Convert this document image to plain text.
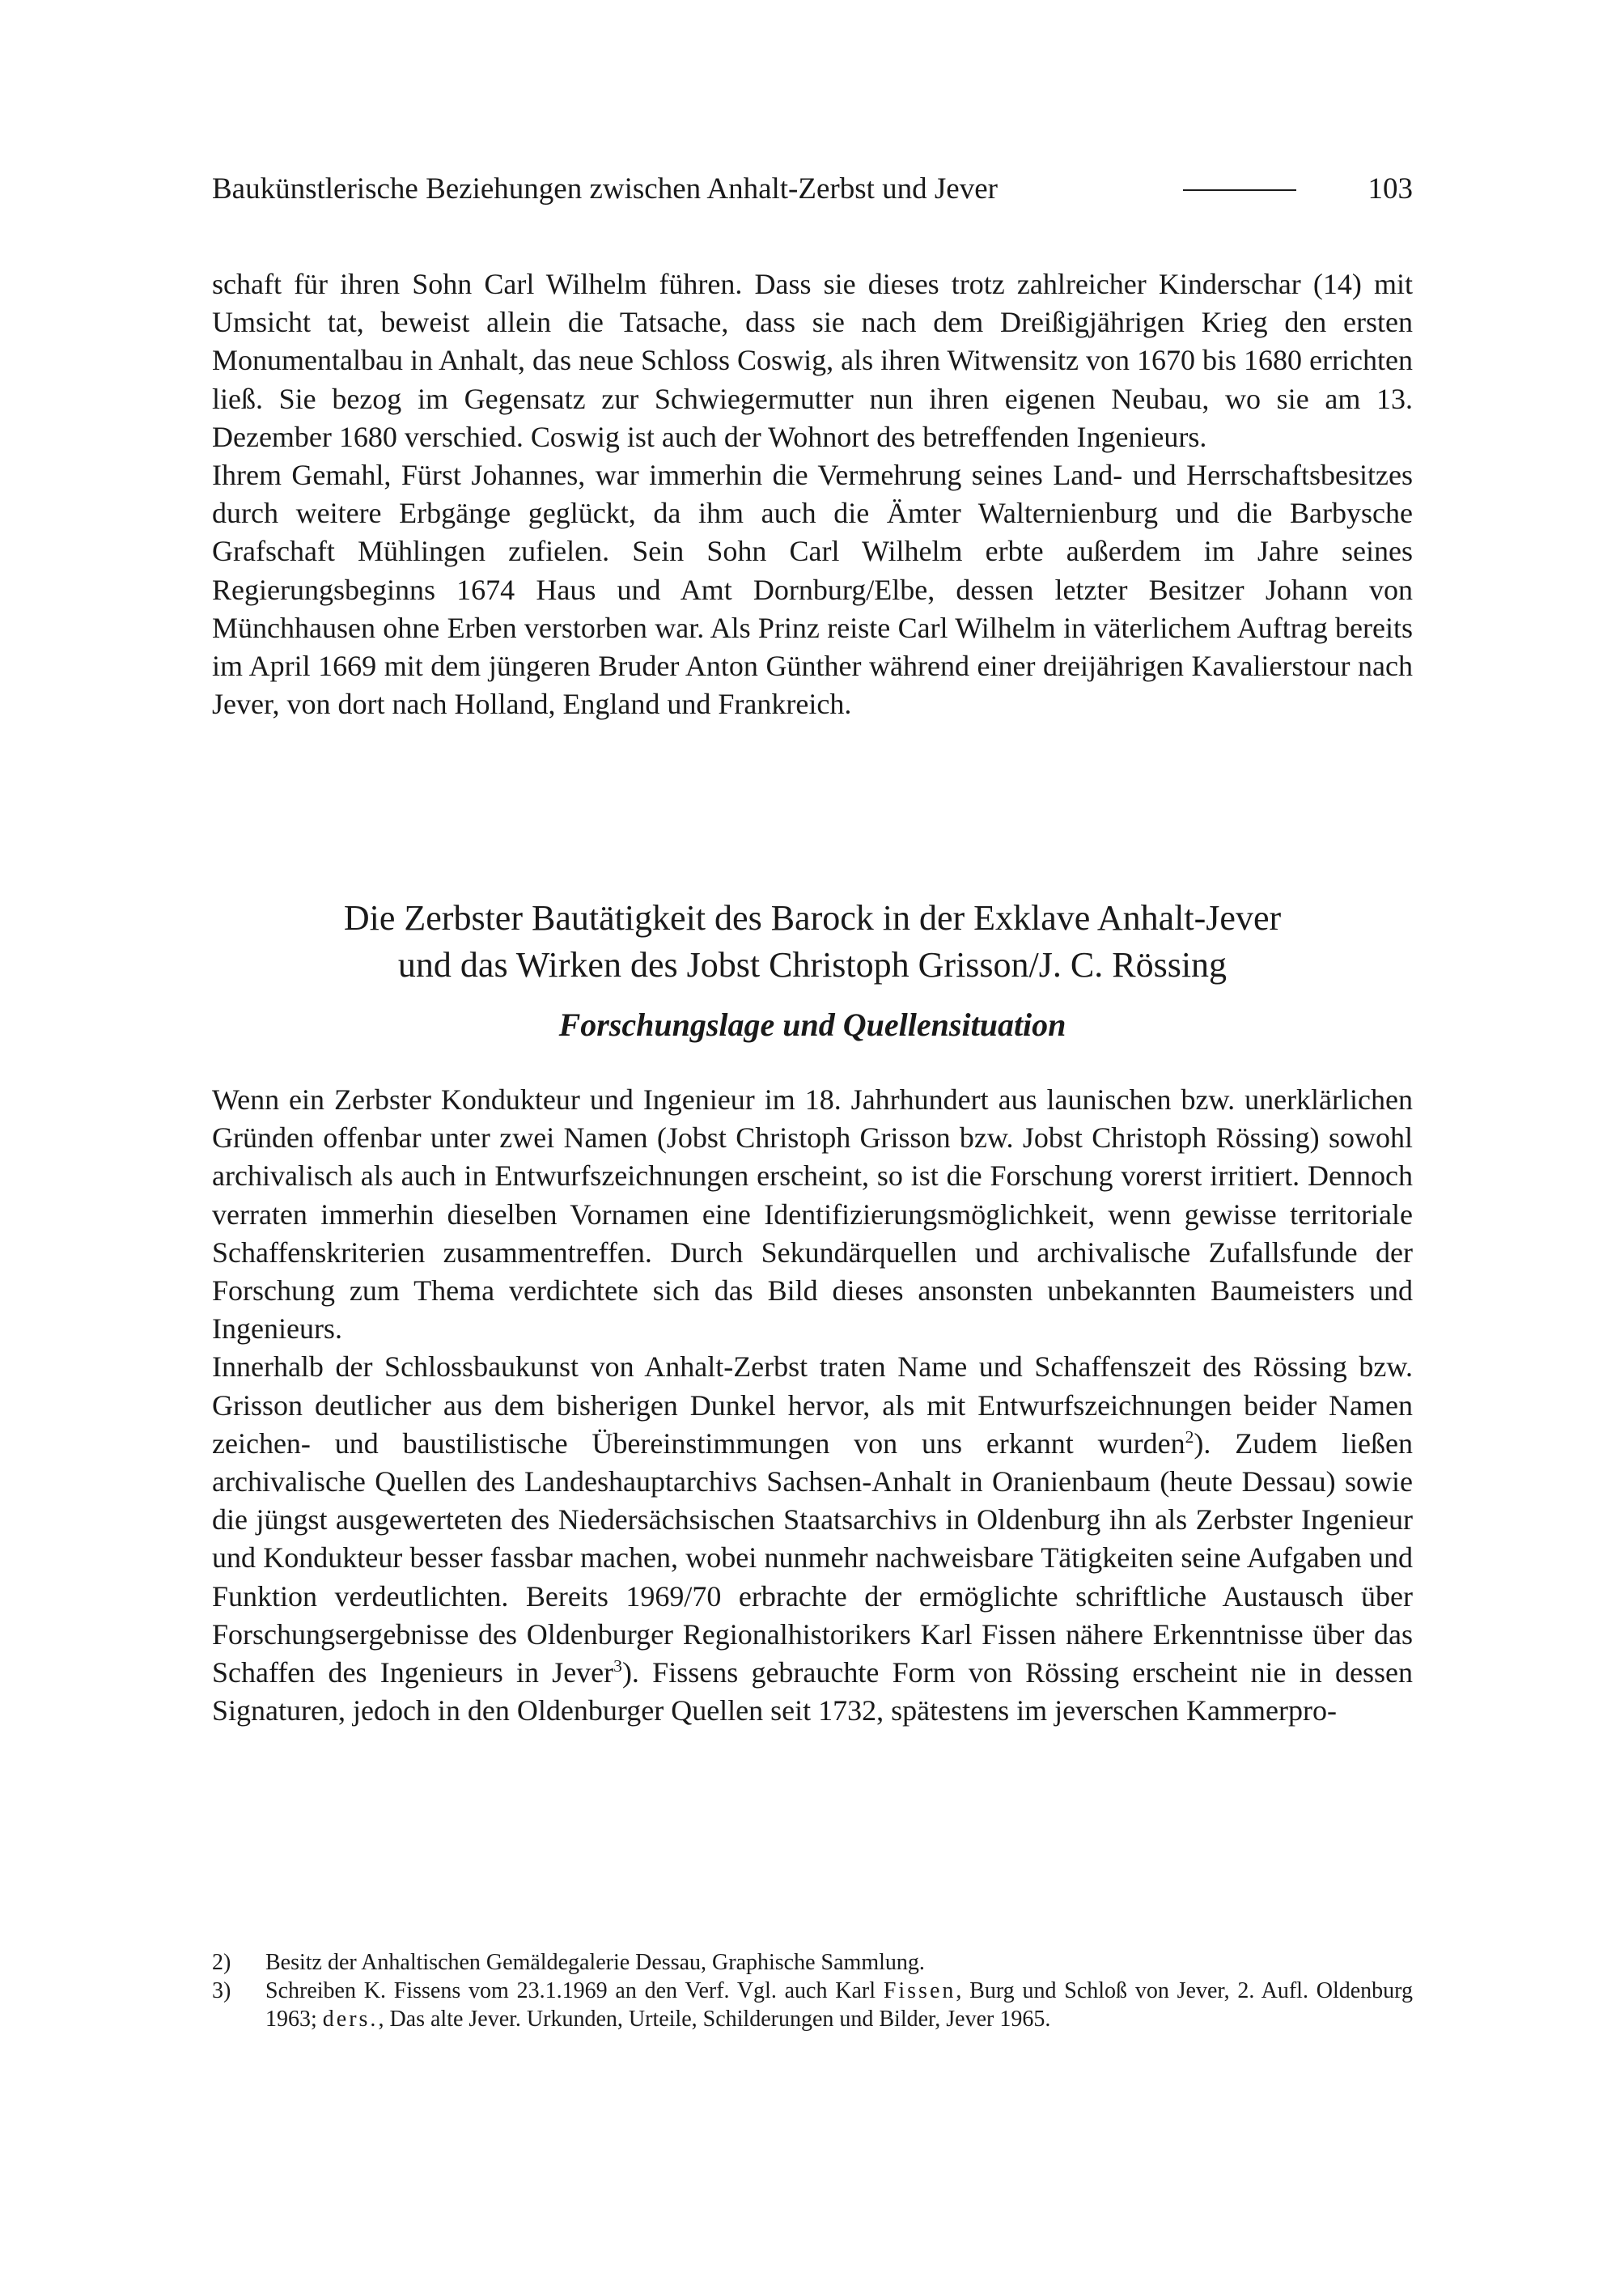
Baukünstlerische Beziehungen zwischen Anhalt-Zerbst und Jever	103

schaft für ihren Sohn Carl Wilhelm führen. Dass sie dieses trotz zahlreicher Kinderschar (14) mit Umsicht tat, beweist allein die Tatsache, dass sie nach dem Dreißigjährigen Krieg den ersten Monumentalbau in Anhalt, das neue Schloss Coswig, als ihren Witwensitz von 1670 bis 1680 errichten ließ. Sie bezog im Gegensatz zur Schwiegermutter nun ihren eigenen Neubau, wo sie am 13. Dezember 1680 verschied. Coswig ist auch der Wohnort des betreffenden Ingenieurs.

Ihrem Gemahl, Fürst Johannes, war immerhin die Vermehrung seines Land- und Herrschaftsbesitzes durch weitere Erbgänge geglückt, da ihm auch die Ämter Walternienburg und die Barbysche Grafschaft Mühlingen zufielen. Sein Sohn Carl Wilhelm erbte außerdem im Jahre seines Regierungsbeginns 1674 Haus und Amt Dornburg/Elbe, dessen letzter Besitzer Johann von Münchhausen ohne Erben verstorben war. Als Prinz reiste Carl Wilhelm in väterlichem Auftrag bereits im April 1669 mit dem jüngeren Bruder Anton Günther während einer dreijährigen Kavalierstour nach Jever, von dort nach Holland, England und Frankreich.

Die Zerbster Bautätigkeit des Barock in der Exklave Anhalt-Jever
und das Wirken des Jobst Christoph Grisson/J. C. Rössing
Forschungslage und Quellensituation

Wenn ein Zerbster Kondukteur und Ingenieur im 18. Jahrhundert aus launischen bzw. unerklärlichen Gründen offenbar unter zwei Namen (Jobst Christoph Grisson bzw. Jobst Christoph Rössing) sowohl archivalisch als auch in Entwurfszeichnungen erscheint, so ist die Forschung vorerst irritiert. Dennoch verraten immerhin dieselben Vornamen eine Identifizierungsmöglichkeit, wenn gewisse territoriale Schaffenskriterien zusammentreffen. Durch Sekundärquellen und archivalische Zufallsfunde der Forschung zum Thema verdichtete sich das Bild dieses ansonsten unbekannten Baumeisters und Ingenieurs.

Innerhalb der Schlossbaukunst von Anhalt-Zerbst traten Name und Schaffenszeit des Rössing bzw. Grisson deutlicher aus dem bisherigen Dunkel hervor, als mit Entwurfszeichnungen beider Namen zeichen- und baustilistische Übereinstimmungen von uns erkannt wurden$^2$). Zudem ließen archivalische Quellen des Landeshauptarchivs Sachsen-Anhalt in Oranienbaum (heute Dessau) sowie die jüngst ausgewerteten des Niedersächsischen Staatsarchivs in Oldenburg ihn als Zerbster Ingenieur und Kondukteur besser fassbar machen, wobei nunmehr nachweisbare Tätigkeiten seine Aufgaben und Funktion verdeutlichten. Bereits 1969/70 erbrachte der ermöglichte schriftliche Austausch über Forschungsergebnisse des Oldenburger Regionalhistorikers Karl Fissen nähere Erkenntnisse über das Schaffen des Ingenieurs in Jever$^3$). Fissens gebrauchte Form von Rössing erscheint nie in dessen Signaturen, jedoch in den Oldenburger Quellen seit 1732, spätestens im jeverschen Kammerpro-

2) Besitz der Anhaltischen Gemäldegalerie Dessau, Graphische Sammlung.
3) Schreiben K. Fissens vom 23.1.1969 an den Verf. Vgl. auch Karl Fissen, Burg und Schloß von Jever, 2. Aufl. Oldenburg 1963; ders., Das alte Jever. Urkunden, Urteile, Schilderungen und Bilder, Jever 1965.
